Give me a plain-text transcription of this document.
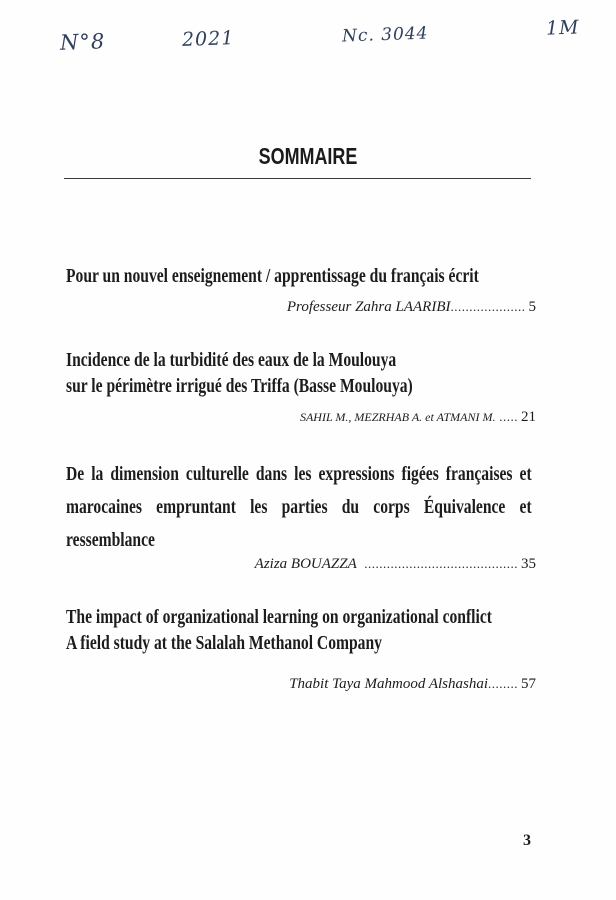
N°8	2021	Nc. 3044	1M
SOMMAIRE
Pour un nouvel enseignement / apprentissage du français écrit
Professeur Zahra LAARIBI.................... 5
Incidence de la turbidité des eaux de la Moulouya
sur le périmètre irrigué des Triffa (Basse Moulouya)
SAHIL M., MEZRHAB A. et ATMANI M. ..... 21
De la dimension culturelle dans les expressions figées françaises et marocaines empruntant les parties du corps Équivalence et ressemblance
Aziza BOUAZZA ......................................... 35
The impact of organizational learning on organizational conflict
A field study at the Salalah Methanol Company
Thabit Taya Mahmood Alshashai........ 57
3
